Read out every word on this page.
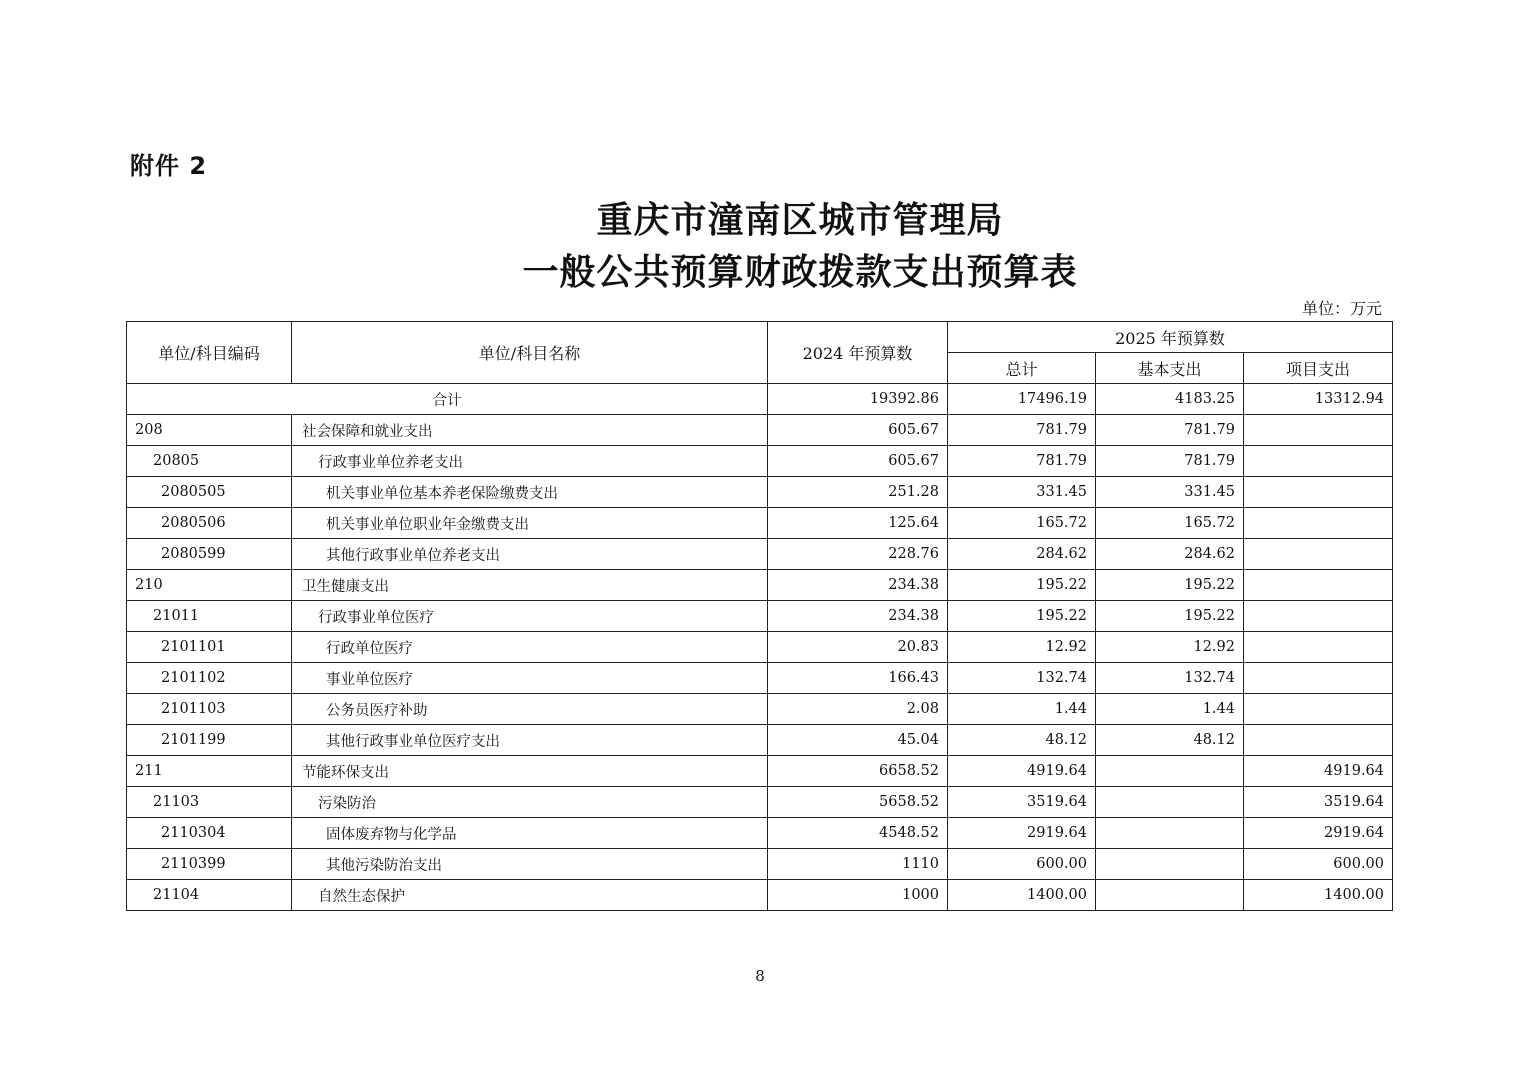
附件 2
重庆市潼南区城市管理局
一般公共预算财政拨款支出预算表
单位：万元
单位/科目编码	单位/科目名称	2024 年预算数	2025 年预算数		
			总计	基本支出	项目支出
合计		19392.86	17496.19	4183.25	13312.94
208	社会保障和就业支出	605.67	781.79	781.79	
20805	行政事业单位养老支出	605.67	781.79	781.79	
2080505	机关事业单位基本养老保险缴费支出	251.28	331.45	331.45	
2080506	机关事业单位职业年金缴费支出	125.64	165.72	165.72	
2080599	其他行政事业单位养老支出	228.76	284.62	284.62	
210	卫生健康支出	234.38	195.22	195.22	
21011	行政事业单位医疗	234.38	195.22	195.22	
2101101	行政单位医疗	20.83	12.92	12.92	
2101102	事业单位医疗	166.43	132.74	132.74	
2101103	公务员医疗补助	2.08	1.44	1.44	
2101199	其他行政事业单位医疗支出	45.04	48.12	48.12	
211	节能环保支出	6658.52	4919.64		4919.64
21103	污染防治	5658.52	3519.64		3519.64
2110304	固体废弃物与化学品	4548.52	2919.64		2919.64
2110399	其他污染防治支出	1110	600.00		600.00
21104	自然生态保护	1000	1400.00		1400.00
8
